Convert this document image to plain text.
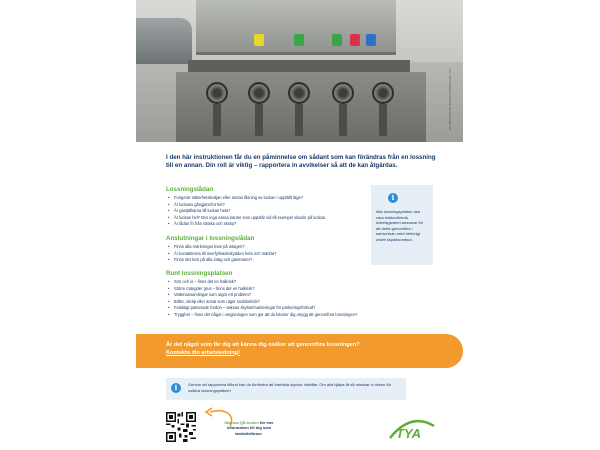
ATL/BPHF/CC/IN 2016/rev 01/2019 Foto: TYA

I den här instruktionen får du en påminnelse om sådant som kan förändras från en lossning till en annan. Din roll är viktig – rapportera in avvikelser så att de kan åtgärdas.

Lossningslådan
• Fungerar säkerhetskedjan eller annan låsning av luckan i uppfällt läge?
• Är luckans gångjärn/fot hel?
• Är gastjälkarna till luckan hela?
• Är luckan hel? Dvs inga vassa kanter som uppstår vid till exempel skador på luckan.
• Är lådan fri från vätska och skräp?
Anslutningar i lossningslådan
• Finns alla märkningar kvar på intagen?
• Är kontakterna till överfyllnadsskydden hela och märkta?
• Finns det lock på alla intag och gasreturer?
Runt lossningsplatsen
• Snö och is – finns det en halkrisk?
• Större mängder grus – finns det en halkrisk?
• Vattenansamlingar som utgör ett problem?
• Bråte, skräp eller annat som utgör snubbelrisk?
• Felaktigt parkerade fordon – saknas skyltar/markeringar för parkeringsförbud?
• Trygghet – finns det något i omgivningen som gör att du känner dig otrygg att genomföra lossningen?
i

Alla lossningsplatser ska vara riskbedömda. Arbetsgivaren ansvarar för att detta genomförs i samverkan med behörigt utsett skyddsombud.

Är det något som får dig att känna dig osäker att genomföra lossningen?
Kontakta din arbetsledning!
i	Genom att rapportera tillbud kan du förhindra att framtida olyckor inträffar. Om alla hjälps åt så minskar vi risken för osäkra lossningsplatser!

Skanna QR-koden för mer information till dig som tankbilsförare.	TYA
